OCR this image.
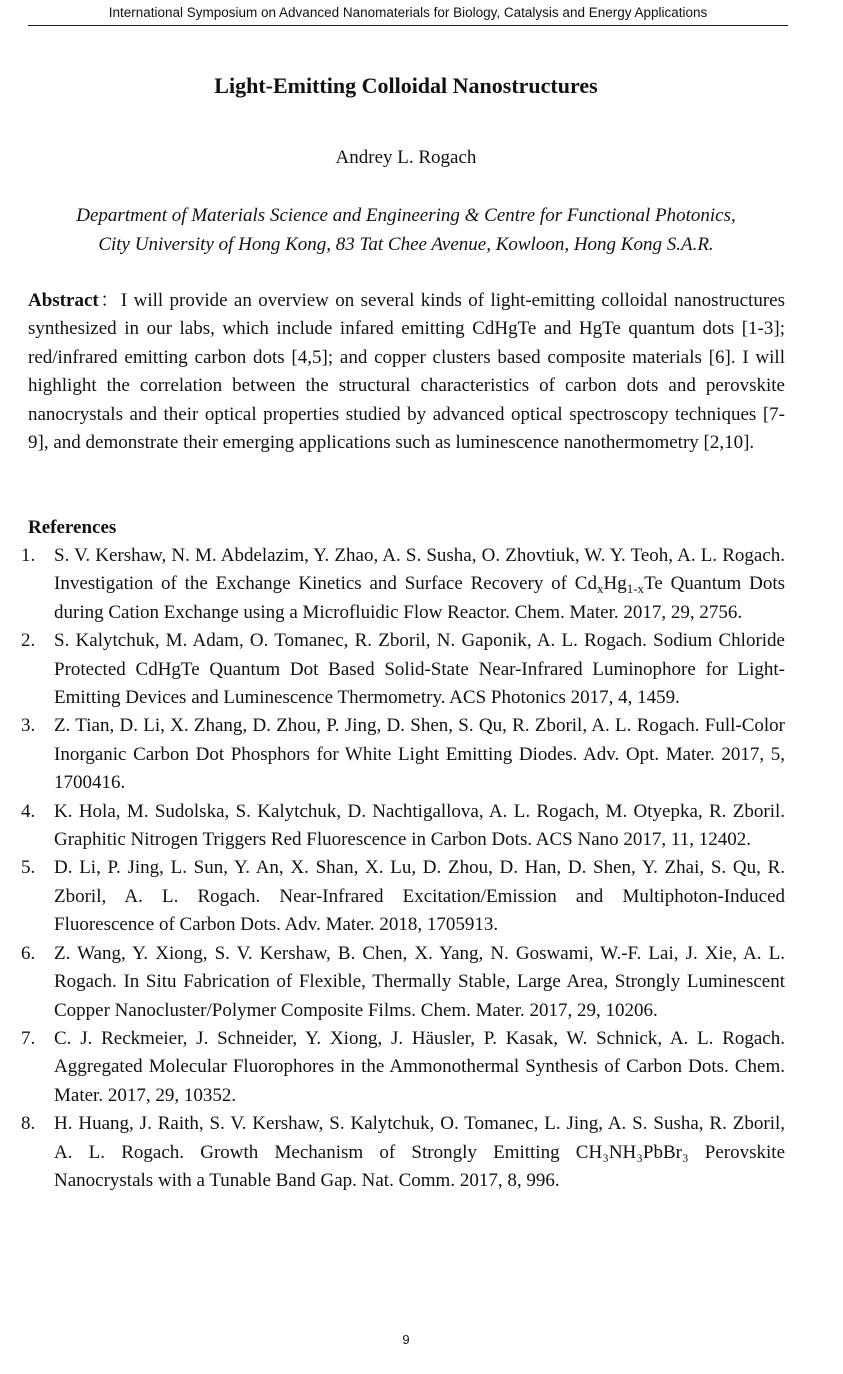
International Symposium on Advanced Nanomaterials for Biology, Catalysis and Energy Applications
Light-Emitting Colloidal Nanostructures
Andrey L. Rogach
Department of Materials Science and Engineering & Centre for Functional Photonics,
City University of Hong Kong, 83 Tat Chee Avenue, Kowloon, Hong Kong S.A.R.
Abstract：I will provide an overview on several kinds of light-emitting colloidal nanostructures synthesized in our labs, which include infared emitting CdHgTe and HgTe quantum dots [1-3]; red/infrared emitting carbon dots [4,5]; and copper clusters based composite materials [6]. I will highlight the correlation between the structural characteristics of carbon dots and perovskite nanocrystals and their optical properties studied by advanced optical spectroscopy techniques [7-9], and demonstrate their emerging applications such as luminescence nanothermometry [2,10].
References
1. S. V. Kershaw, N. M. Abdelazim, Y. Zhao, A. S. Susha, O. Zhovtiuk, W. Y. Teoh, A. L. Rogach. Investigation of the Exchange Kinetics and Surface Recovery of $Cd_xHg_{1-x}Te$ Quantum Dots during Cation Exchange using a Microfluidic Flow Reactor. Chem. Mater. 2017, 29, 2756.
2. S. Kalytchuk, M. Adam, O. Tomanec, R. Zboril, N. Gaponik, A. L. Rogach. Sodium Chloride Protected CdHgTe Quantum Dot Based Solid-State Near-Infrared Luminophore for Light-Emitting Devices and Luminescence Thermometry. ACS Photonics 2017, 4, 1459.
3. Z. Tian, D. Li, X. Zhang, D. Zhou, P. Jing, D. Shen, S. Qu, R. Zboril, A. L. Rogach. Full-Color Inorganic Carbon Dot Phosphors for White Light Emitting Diodes. Adv. Opt. Mater. 2017, 5, 1700416.
4. K. Hola, M. Sudolska, S. Kalytchuk, D. Nachtigallova, A. L. Rogach, M. Otyepka, R. Zboril. Graphitic Nitrogen Triggers Red Fluorescence in Carbon Dots. ACS Nano 2017, 11, 12402.
5. D. Li, P. Jing, L. Sun, Y. An, X. Shan, X. Lu, D. Zhou, D. Han, D. Shen, Y. Zhai, S. Qu, R. Zboril, A. L. Rogach. Near-Infrared Excitation/Emission and Multiphoton-Induced Fluorescence of Carbon Dots. Adv. Mater. 2018, 1705913.
6. Z. Wang, Y. Xiong, S. V. Kershaw, B. Chen, X. Yang, N. Goswami, W.-F. Lai, J. Xie, A. L. Rogach. In Situ Fabrication of Flexible, Thermally Stable, Large Area, Strongly Luminescent Copper Nanocluster/Polymer Composite Films. Chem. Mater. 2017, 29, 10206.
7. C. J. Reckmeier, J. Schneider, Y. Xiong, J. Häusler, P. Kasak, W. Schnick, A. L. Rogach. Aggregated Molecular Fluorophores in the Ammonothermal Synthesis of Carbon Dots. Chem. Mater. 2017, 29, 10352.
8. H. Huang, J. Raith, S. V. Kershaw, S. Kalytchuk, O. Tomanec, L. Jing, A. S. Susha, R. Zboril, A. L. Rogach. Growth Mechanism of Strongly Emitting CH₃NH₃PbBr₃ Perovskite Nanocrystals with a Tunable Band Gap. Nat. Comm. 2017, 8, 996.
9
